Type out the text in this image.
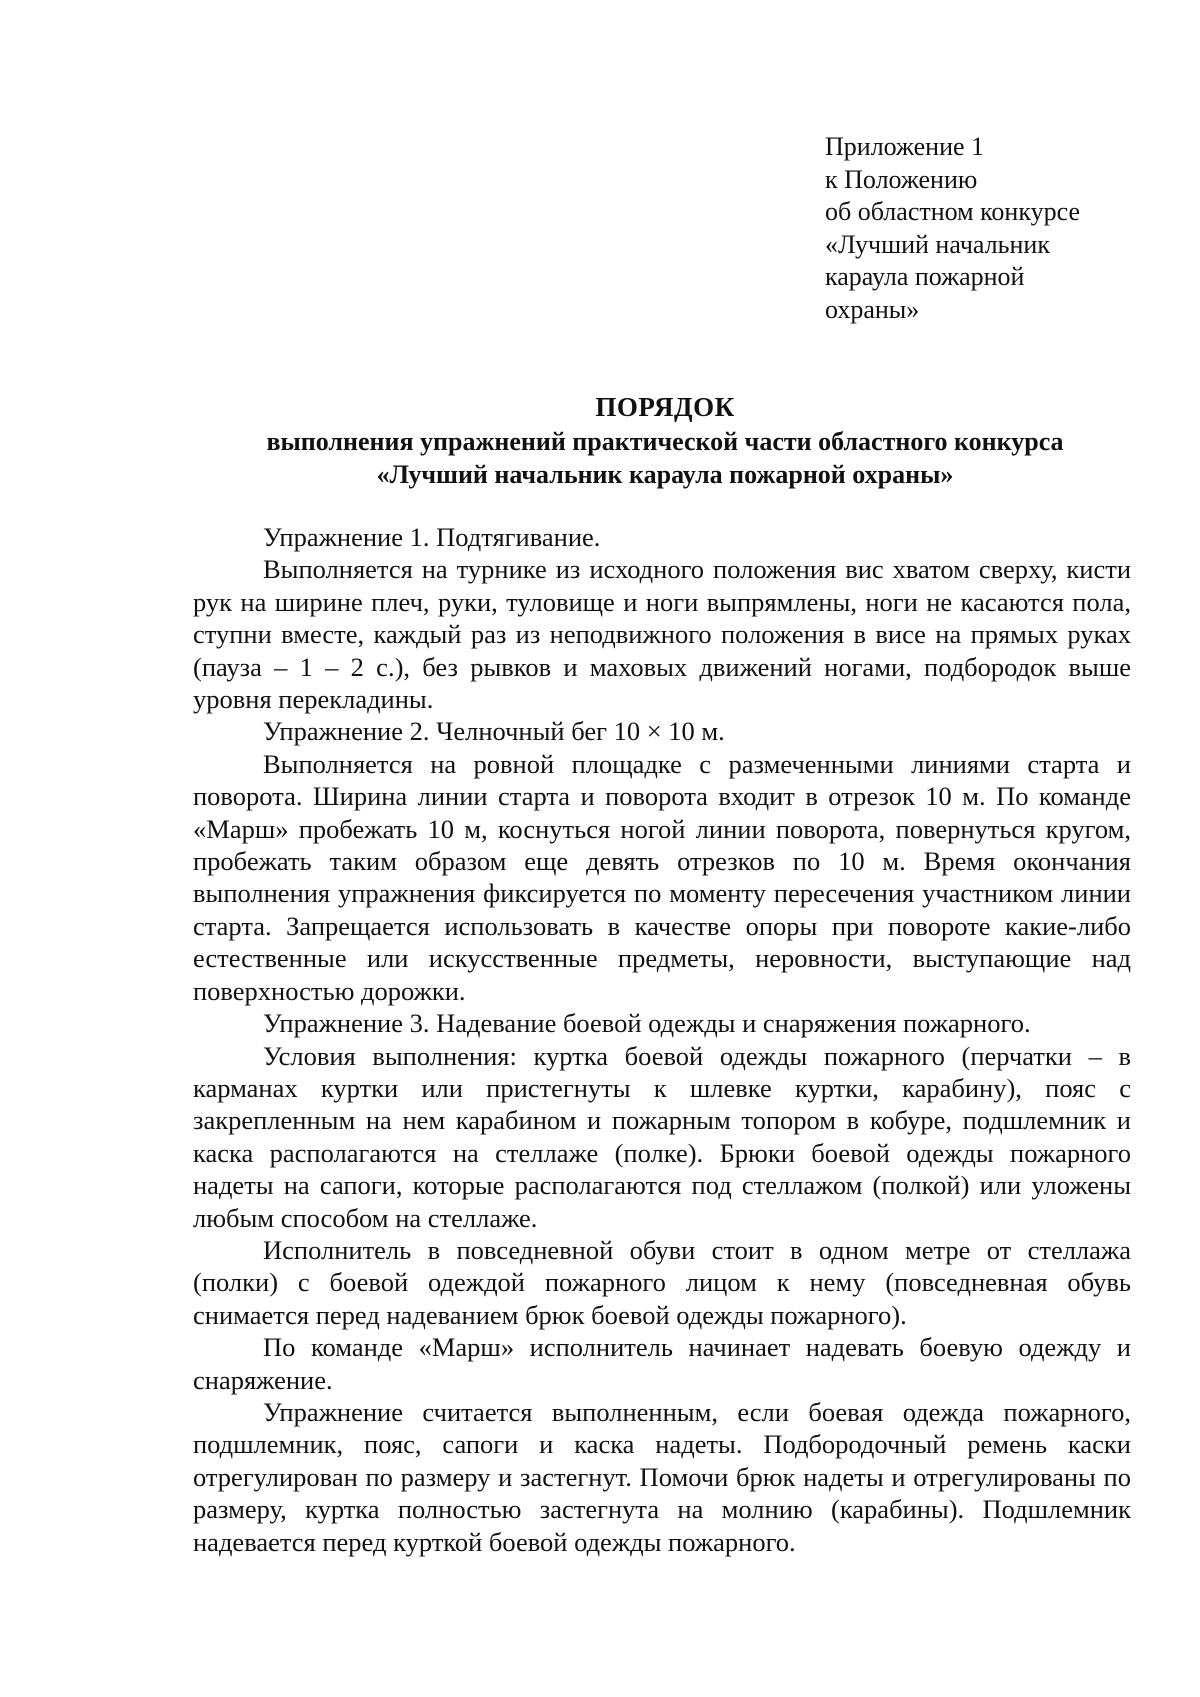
Приложение 1
к Положению
об областном конкурсе
«Лучший начальник
караула пожарной
охраны»
ПОРЯДОК
выполнения упражнений практической части областного конкурса
«Лучший начальник караула пожарной охраны»

Упражнение 1. Подтягивание.

Выполняется на турнике из исходного положения вис хватом сверху, кисти рук на ширине плеч, руки, туловище и ноги выпрямлены, ноги не касаются пола, ступни вместе, каждый раз из неподвижного положения в висе на прямых руках (пауза – 1 – 2 с.), без рывков и маховых движений ногами, подбородок выше уровня перекладины.

Упражнение 2. Челночный бег 10 × 10 м.

Выполняется на ровной площадке с размеченными линиями старта и поворота. Ширина линии старта и поворота входит в отрезок 10 м. По команде «Марш» пробежать 10 м, коснуться ногой линии поворота, повернуться кругом, пробежать таким образом еще девять отрезков по 10 м. Время окончания выполнения упражнения фиксируется по моменту пересечения участником линии старта. Запрещается использовать в качестве опоры при повороте какие-либо естественные или искусственные предметы, неровности, выступающие над поверхностью дорожки.

Упражнение 3. Надевание боевой одежды и снаряжения пожарного.

Условия выполнения: куртка боевой одежды пожарного (перчатки – в карманах куртки или пристегнуты к шлевке куртки, карабину), пояс с закрепленным на нем карабином и пожарным топором в кобуре, подшлемник и каска располагаются на стеллаже (полке). Брюки боевой одежды пожарного надеты на сапоги, которые располагаются под стеллажом (полкой) или уложены любым способом на стеллаже.

Исполнитель в повседневной обуви стоит в одном метре от стеллажа (полки) с боевой одеждой пожарного лицом к нему (повседневная обувь снимается перед надеванием брюк боевой одежды пожарного).

По команде «Марш» исполнитель начинает надевать боевую одежду и снаряжение.

Упражнение считается выполненным, если боевая одежда пожарного, подшлемник, пояс, сапоги и каска надеты. Подбородочный ремень каски отрегулирован по размеру и застегнут. Помочи брюк надеты и отрегулированы по размеру, куртка полностью застегнута на молнию (карабины). Подшлемник надевается перед курткой боевой одежды пожарного.
